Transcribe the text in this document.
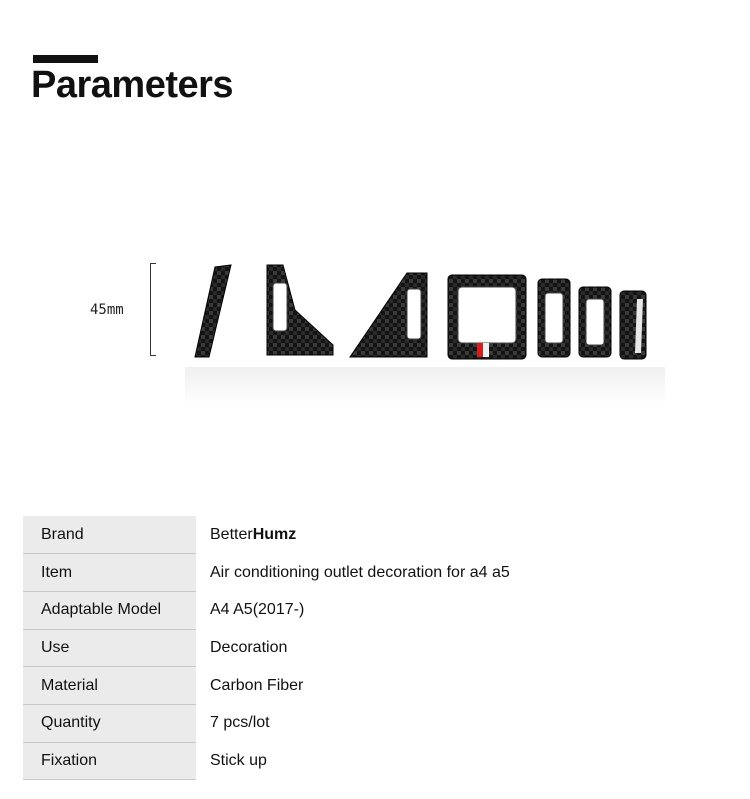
Parameters
45mm
Brand	BetterHumz
Item	Air conditioning outlet decoration for a4 a5
Adaptable Model	A4 A5(2017-)
Use	Decoration
Material	Carbon Fiber
Quantity	7 pcs/lot
Fixation	Stick up
